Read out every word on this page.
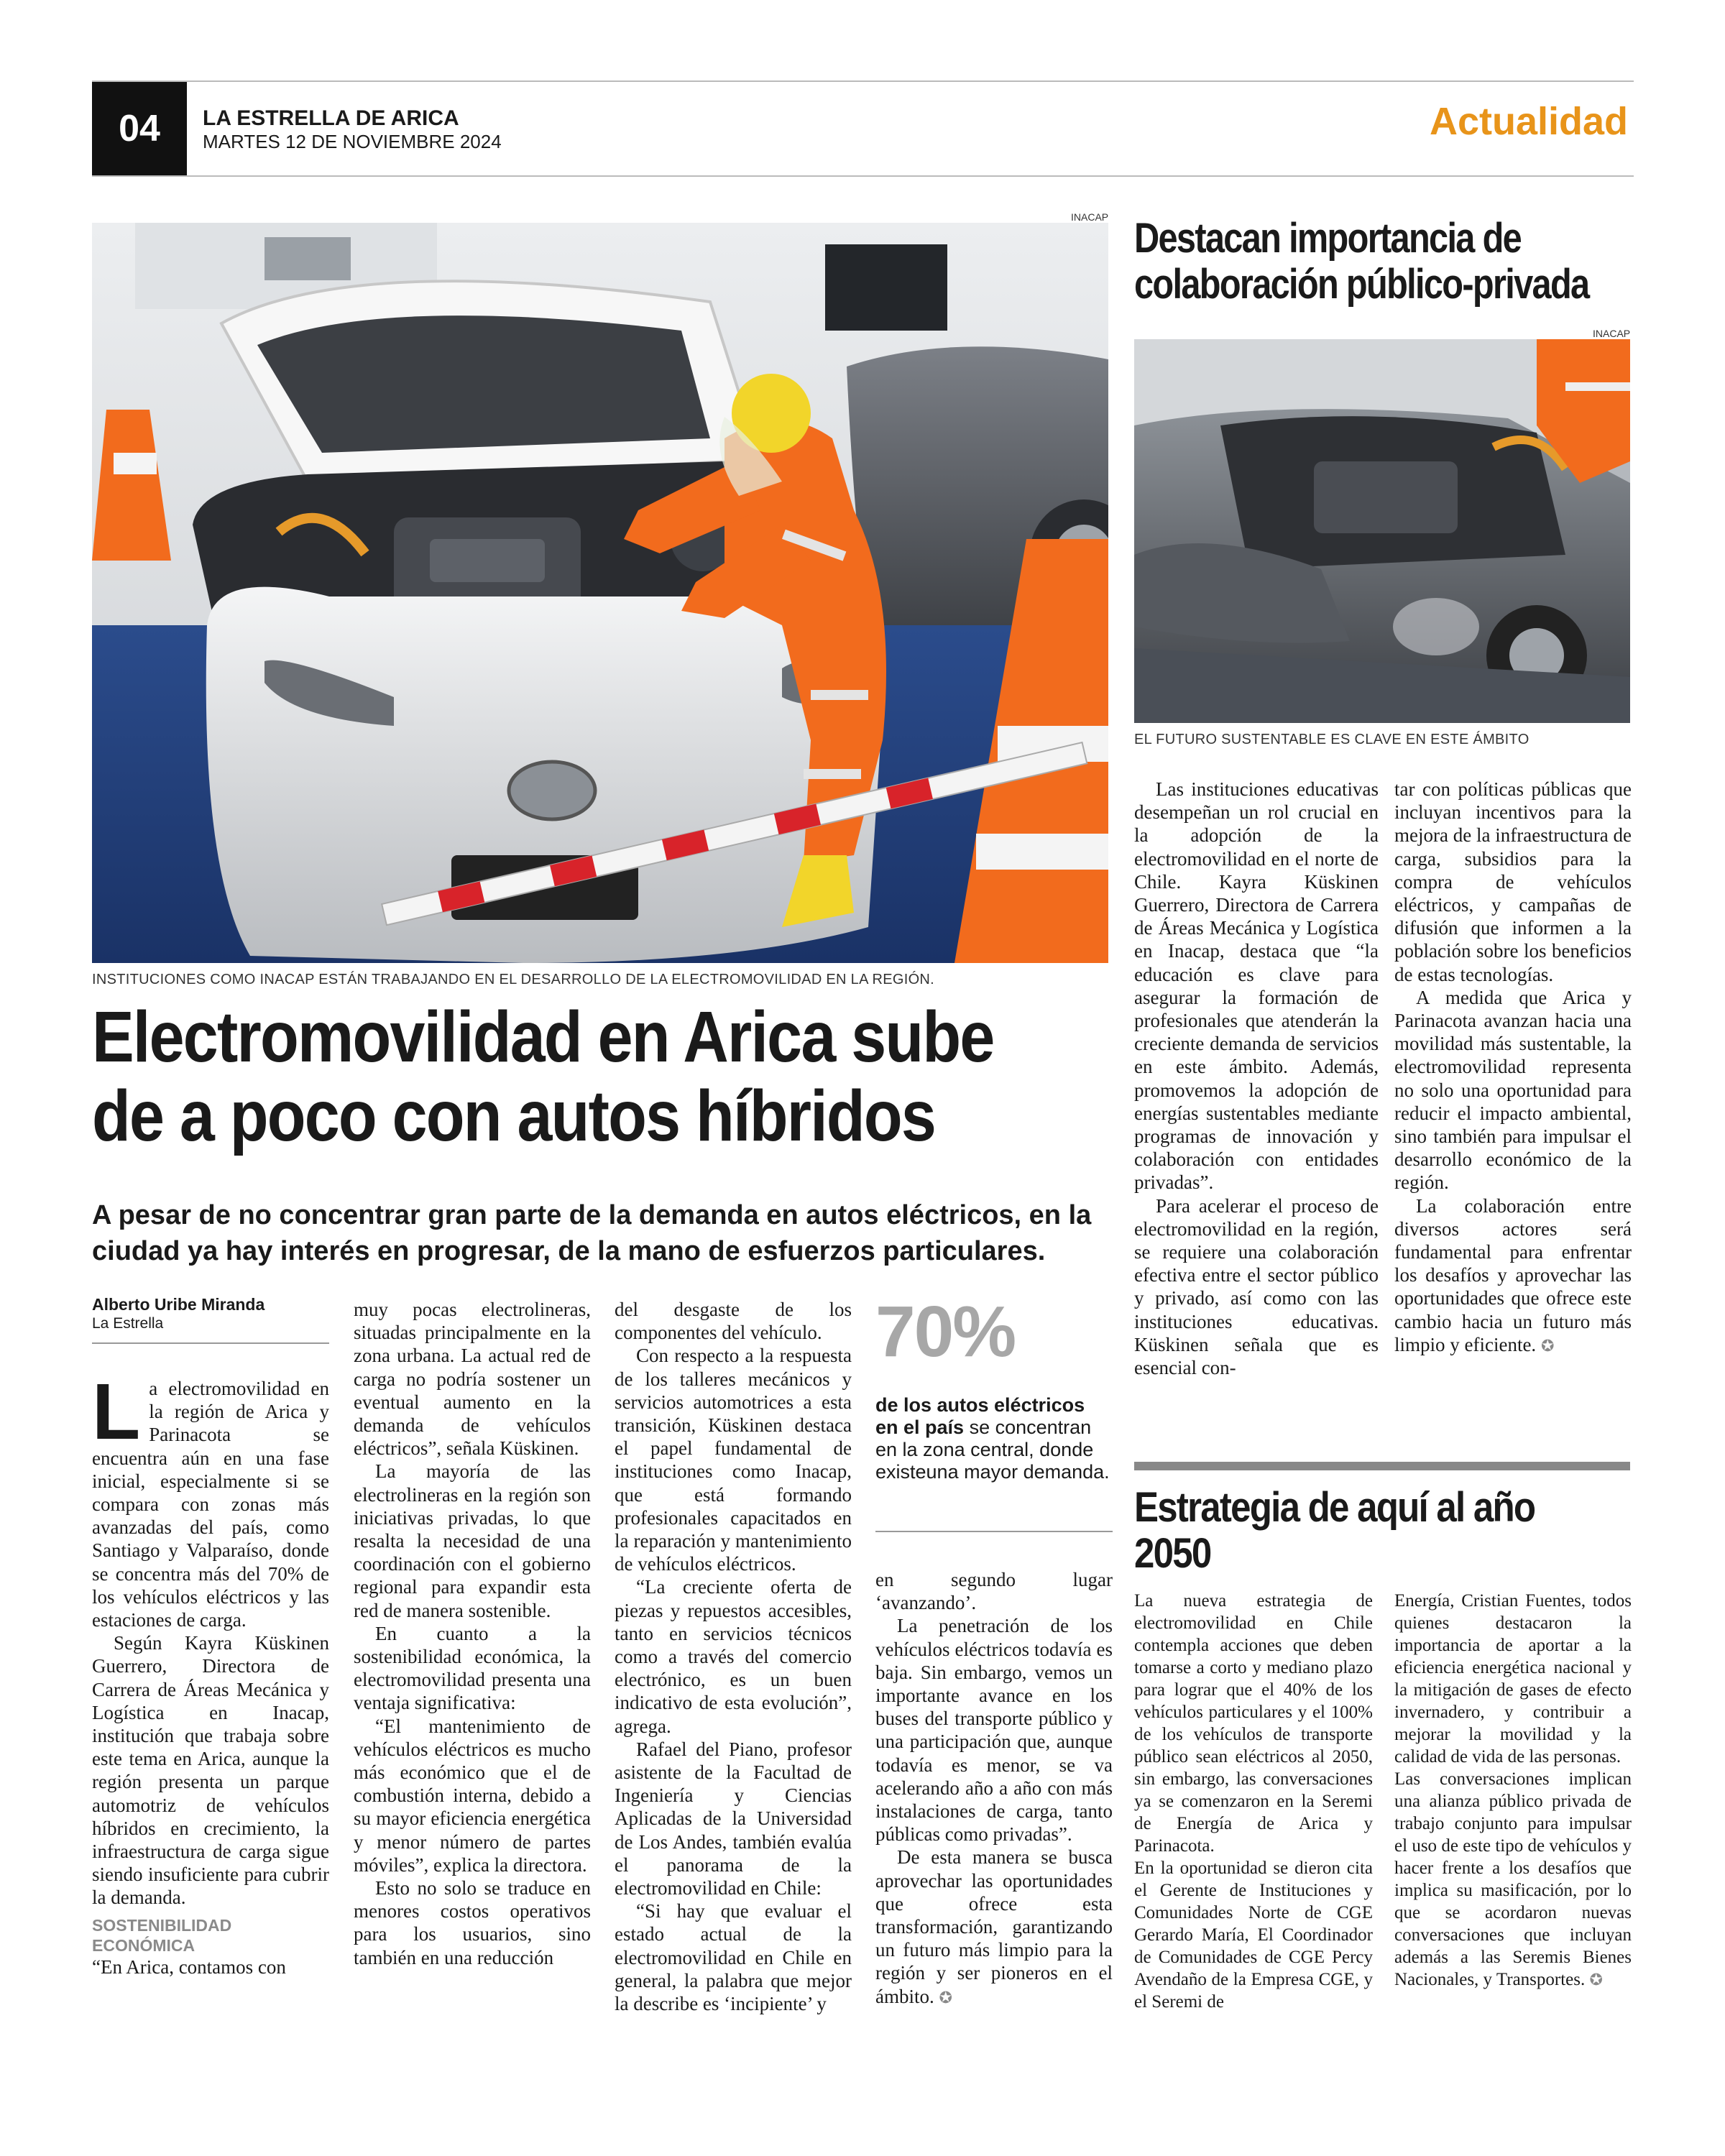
04	LA ESTRELLA DE ARICA
MARTES 12 DE NOVIEMBRE 2024	Actualidad
INACAP
INSTITUCIONES COMO INACAP ESTÁN TRABAJANDO EN EL DESARROLLO DE LA ELECTROMOVILIDAD EN LA REGIÓN.
Destacan importancia de colaboración público-privada
INACAP
EL FUTURO SUSTENTABLE ES CLAVE EN ESTE ÁMBITO

Las instituciones educativas desempeñan un rol crucial en la adopción de la electromovilidad en el norte de Chile. Kayra Küskinen Guerrero, Directora de Carrera de Áreas Mecánica y Logística en Inacap, destaca que “la educación es clave para asegurar la formación de profesionales que atenderán la creciente demanda de servicios en este ámbito. Además, promovemos la adopción de energías sustentables mediante programas de innovación y colaboración con entidades privadas”.

Para acelerar el proceso de electromovilidad en la región, se requiere una colaboración efectiva entre el sector público y privado, así como con las instituciones educativas. Küskinen señala que es esencial con-

tar con políticas públicas que incluyan incentivos para la mejora de la infraestructura de carga, subsidios para la compra de vehículos eléctricos, y campañas de difusión que informen a la población sobre los beneficios de estas tecnologías.

A medida que Arica y Parinacota avanzan hacia una movilidad más sustentable, la electromovilidad representa no solo una oportunidad para reducir el impacto ambiental, sino también para impulsar el desarrollo económico de la región.

La colaboración entre diversos actores será fundamental para enfrentar los desafíos y aprovechar las oportunidades que ofrece este cambio hacia un futuro más limpio y eficiente. ✪

Estrategia de aquí al año 2050

La nueva estrategia de electromovilidad en Chile contempla acciones que deben tomarse a corto y mediano plazo para lograr que el 40% de los vehículos particulares y el 100% de los vehículos de transporte público sean eléctricos al 2050, sin embargo, las conversaciones ya se comenzaron en la Seremi de Energía de Arica y Parinacota.

En la oportunidad se dieron cita el Gerente de Instituciones y Comunidades Norte de CGE Gerardo María, El Coordinador de Comunidades de CGE Percy Avendaño de la Empresa CGE, y el Seremi de

Energía, Cristian Fuentes, todos quienes destacaron la importancia de aportar a la eficiencia energética nacional y la mitigación de gases de efecto invernadero, y contribuir a mejorar la movilidad y la calidad de vida de las personas.

Las conversaciones implican una alianza público privada de trabajo conjunto para impulsar el uso de este tipo de vehículos y hacer frente a los desafíos que implica su masificación, por lo que se acordaron nuevas conversaciones que incluyan además a las Seremis Bienes Nacionales, y Transportes. ✪

Electromovilidad en Arica sube de a poco con autos híbridos
A pesar de no concentrar gran parte de la demanda en autos eléctricos, en la ciudad ya hay interés en progresar, de la mano de esfuerzos particulares.
Alberto Uribe Miranda
La Estrella

La electromovilidad en la región de Arica y Parinacota se encuentra aún en una fase inicial, especialmente si se compara con zonas más avanzadas del país, como Santiago y Valparaíso, donde se concentra más del 70% de los vehículos eléctricos y las estaciones de carga.

Según Kayra Küskinen Guerrero, Directora de Carrera de Áreas Mecánica y Logística en Inacap, institución que trabaja sobre este tema en Arica, aunque la región presenta un parque automotriz de vehículos híbridos en crecimiento, la infraestructura de carga sigue siendo insuficiente para cubrir la demanda.

SOSTENIBILIDAD ECONÓMICA

“En Arica, contamos con

muy pocas electrolineras, situadas principalmente en la zona urbana. La actual red de carga no podría sostener un eventual aumento en la demanda de vehículos eléctricos”, señala Küskinen.

La mayoría de las electrolineras en la región son iniciativas privadas, lo que resalta la necesidad de una coordinación con el gobierno regional para expandir esta red de manera sostenible.

En cuanto a la sostenibilidad económica, la electromovilidad presenta una ventaja significativa:

“El mantenimiento de vehículos eléctricos es mucho más económico que el de combustión interna, debido a su mayor eficiencia energética y menor número de partes móviles”, explica la directora.

Esto no solo se traduce en menores costos operativos para los usuarios, sino también en una reducción

del desgaste de los componentes del vehículo.

Con respecto a la respuesta de los talleres mecánicos y servicios automotrices a esta transición, Küskinen destaca el papel fundamental de instituciones como Inacap, que está formando profesionales capacitados en la reparación y mantenimiento de vehículos eléctricos.

“La creciente oferta de piezas y repuestos accesibles, tanto en servicios técnicos como a través del comercio electrónico, es un buen indicativo de esta evolución”, agrega.

Rafael del Piano, profesor asistente de la Facultad de Ingeniería y Ciencias Aplicadas de la Universidad de Los Andes, también evalúa el panorama de la electromovilidad en Chile:

“Si hay que evaluar el estado actual de la electromovilidad en Chile en general, la palabra que mejor la describe es ‘incipiente’ y

70%
de los autos eléctricos en el país se concentran en la zona central, donde existeuna mayor demanda.

en segundo lugar ‘avanzando’.

La penetración de los vehículos eléctricos todavía es baja. Sin embargo, vemos un importante avance en los buses del transporte público y una participación que, aunque todavía es menor, se va acelerando año a año con más instalaciones de carga, tanto públicas como privadas”.

De esta manera se busca aprovechar las oportunidades que ofrece esta transformación, garantizando un futuro más limpio para la región y ser pioneros en el ámbito. ✪
